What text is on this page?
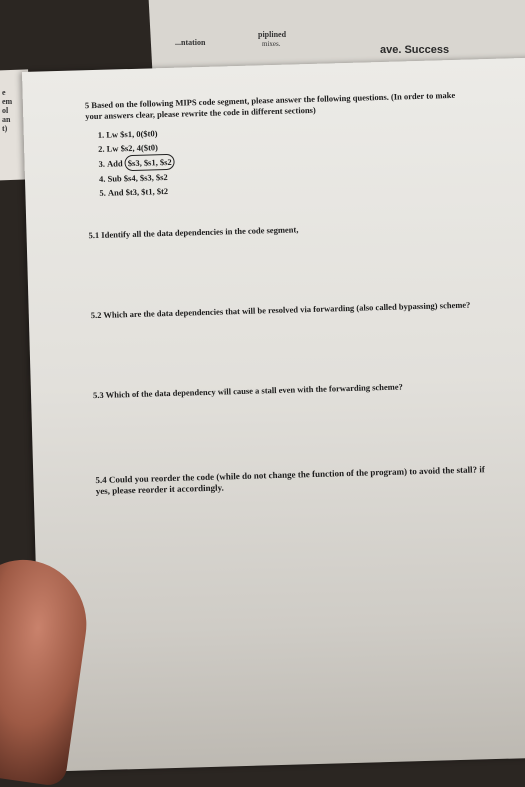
...ntation
piplined
mixes.	ave. Success
e
em
ol
an
t)
5 Based on the following MIPS code segment, please answer the following questions. (In order to make your answers clear, please rewrite the code in different sections)
1. Lw $s1, 0($t0)
2. Lw $s2, 4($t0)
3. Add $s3, $s1, $s2
4. Sub $s4, $s3, $s2
5. And $t3, $t1, $t2
5.1 Identify all the data dependencies in the code segment,
5.2 Which are the data dependencies that will be resolved via forwarding (also called bypassing) scheme?
5.3 Which of the data dependency will cause a stall even with the forwarding scheme?
5.4 Could you reorder the code (while do not change the function of the program) to avoid the stall? if yes, please reorder it accordingly.
